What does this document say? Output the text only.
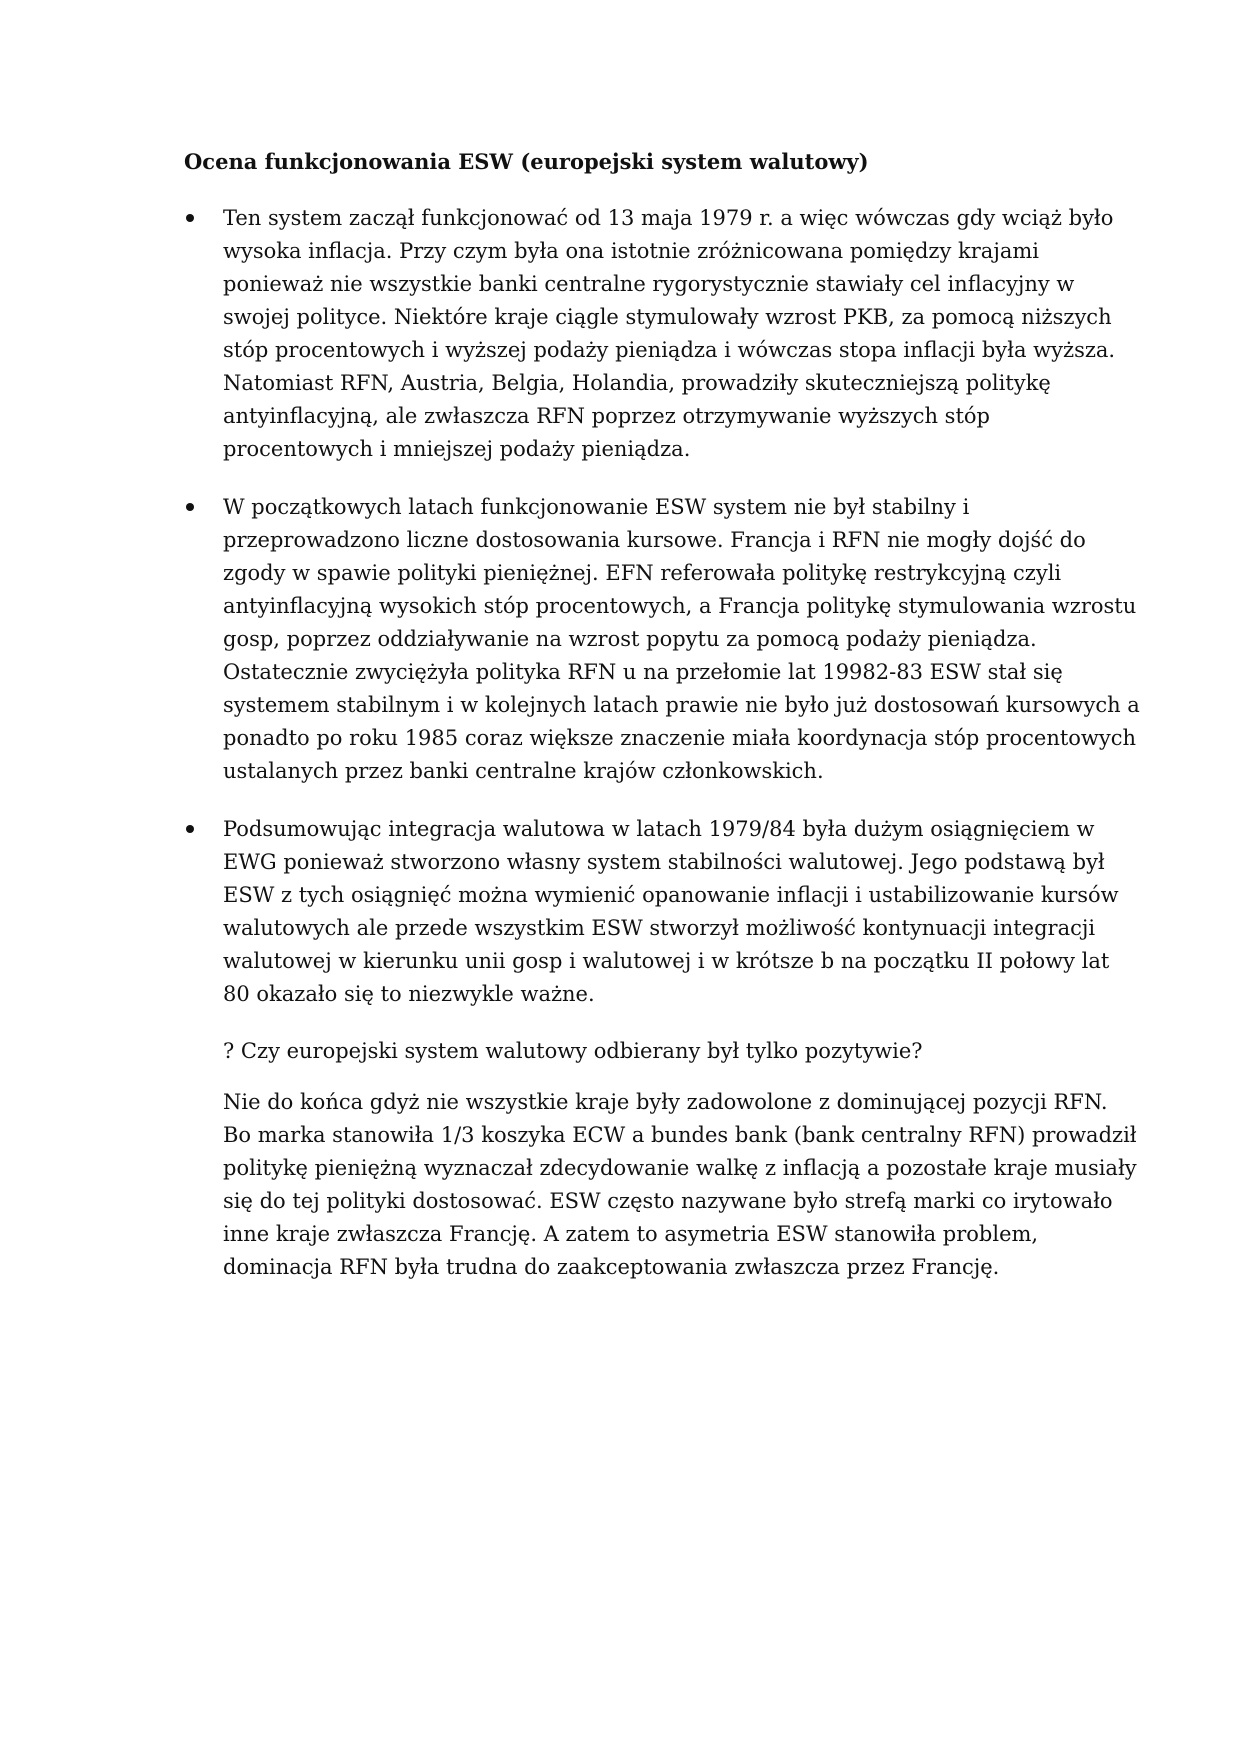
Ocena funkcjonowania ESW (europejski system walutowy)

Ten system zaczął funkcjonować od 13 maja 1979 r. a więc wówczas gdy wciąż było
wysoka inflacja. Przy czym była ona istotnie zróżnicowana pomiędzy krajami
ponieważ nie wszystkie banki centralne rygorystycznie stawiały cel inflacyjny w
swojej polityce. Niektóre kraje ciągle stymulowały wzrost PKB, za pomocą niższych
stóp procentowych i wyższej podaży pieniądza i wówczas stopa inflacji była wyższa.
Natomiast RFN, Austria, Belgia, Holandia, prowadziły skuteczniejszą politykę
antyinflacyjną, ale zwłaszcza RFN poprzez otrzymywanie wyższych stóp
procentowych i mniejszej podaży pieniądza.

W początkowych latach funkcjonowanie ESW system nie był stabilny i
przeprowadzono liczne dostosowania kursowe. Francja i RFN nie mogły dojść do
zgody w spawie polityki pieniężnej. EFN referowała politykę restrykcyjną czyli
antyinflacyjną wysokich stóp procentowych, a Francja politykę stymulowania wzrostu
gosp, poprzez oddziaływanie na wzrost popytu za pomocą podaży pieniądza.
Ostatecznie zwyciężyła polityka RFN u na przełomie lat 19982-83 ESW stał się
systemem stabilnym i w kolejnych latach prawie nie było już dostosowań kursowych a
ponadto po roku 1985 coraz większe znaczenie miała koordynacja stóp procentowych
ustalanych przez banki centralne krajów członkowskich.

Podsumowując integracja walutowa w latach 1979/84 była dużym osiągnięciem w
EWG ponieważ stworzono własny system stabilności walutowej. Jego podstawą był
ESW z tych osiągnięć można wymienić opanowanie inflacji i ustabilizowanie kursów
walutowych ale przede wszystkim ESW stworzył możliwość kontynuacji integracji
walutowej w kierunku unii gosp i walutowej i w krótsze b na początku II połowy lat
80 okazało się to niezwykle ważne.

? Czy europejski system walutowy odbierany był tylko pozytywie?

Nie do końca gdyż nie wszystkie kraje były zadowolone z dominującej pozycji RFN.
Bo marka stanowiła 1/3 koszyka ECW a bundes bank (bank centralny RFN) prowadził
politykę pieniężną wyznaczał zdecydowanie walkę z inflacją a pozostałe kraje musiały
się do tej polityki dostosować. ESW często nazywane było strefą marki co irytowało
inne kraje zwłaszcza Francję. A zatem to asymetria ESW stanowiła problem,
dominacja RFN była trudna do zaakceptowania zwłaszcza przez Francję.
